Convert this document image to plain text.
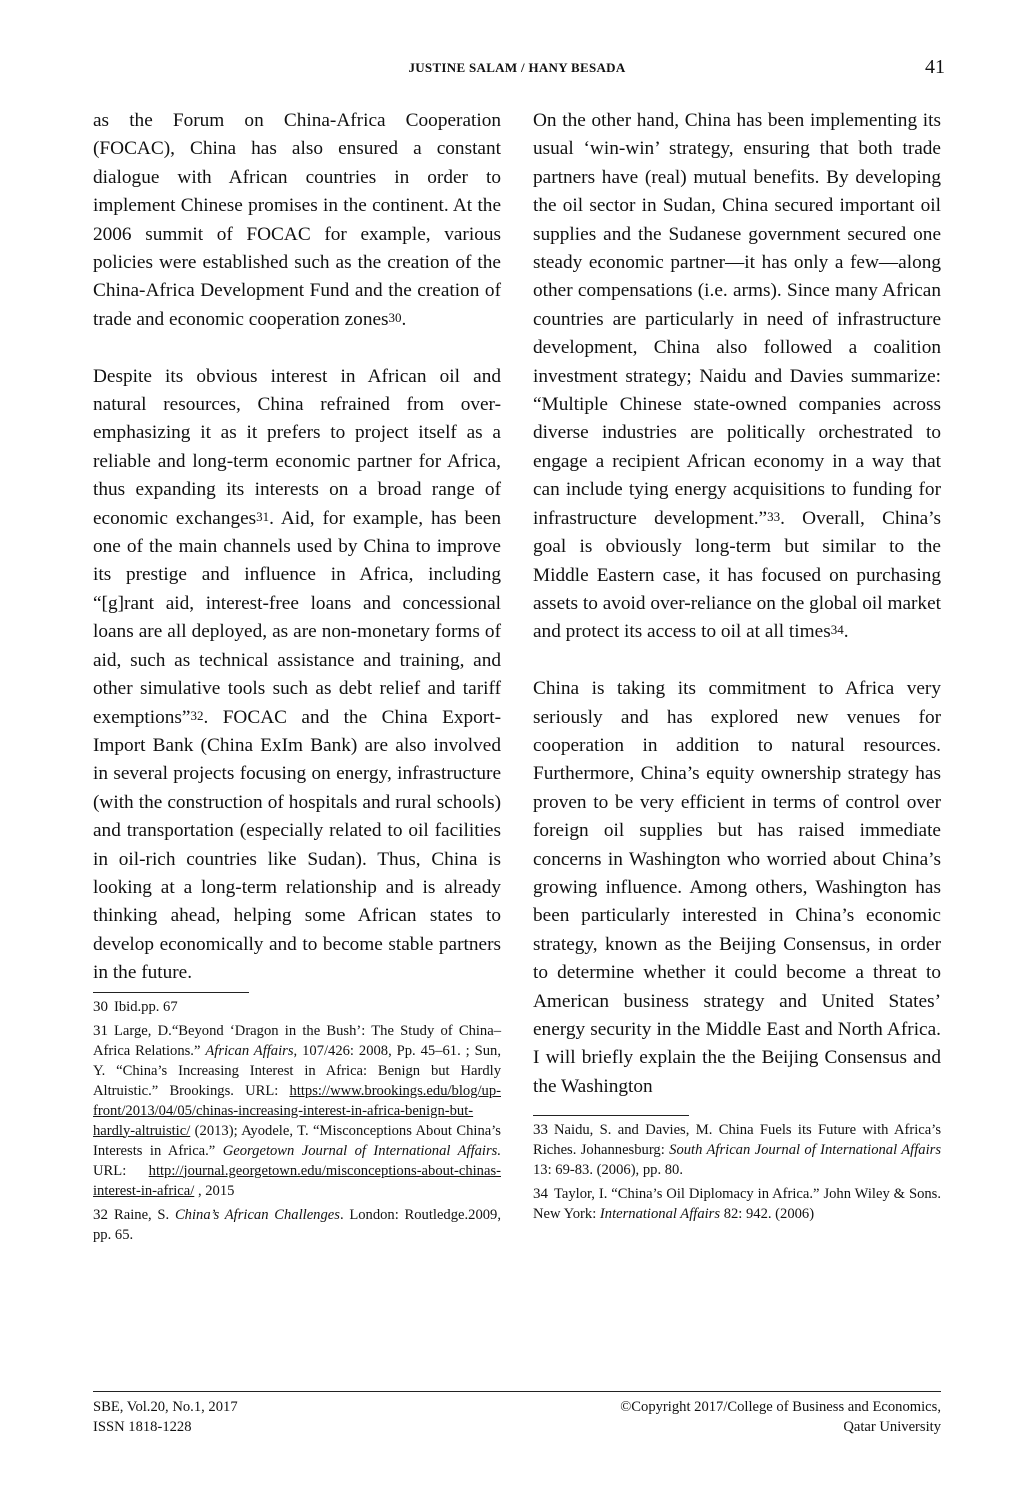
JUSTINE SALAM / HANY BESADA	41

as the Forum on China-Africa Cooperation (FOCAC), China has also ensured a constant dialogue with African countries in order to implement Chinese promises in the continent. At the 2006 summit of FOCAC for example, various policies were established such as the creation of the China-Africa Development Fund and the creation of trade and economic cooperation zones$^{30}$.

Despite its obvious interest in African oil and natural resources, China refrained from over-emphasizing it as it prefers to project itself as a reliable and long-term economic partner for Africa, thus expanding its interests on a broad range of economic exchanges$^{31}$. Aid, for example, has been one of the main channels used by China to improve its prestige and influence in Africa, including “[g]rant aid, interest-free loans and concessional loans are all deployed, as are non-monetary forms of aid, such as technical assistance and training, and other simulative tools such as debt relief and tariff exemptions”$^{32}$. FOCAC and the China Export-Import Bank (China ExIm Bank) are also involved in several projects focusing on energy, infrastructure (with the construction of hospitals and rural schools) and transportation (especially related to oil facilities in oil-rich countries like Sudan). Thus, China is looking at a long-term relationship and is already thinking ahead, helping some African states to develop economically and to become stable partners in the future.

30 Ibid.pp. 67

31 Large, D.“Beyond ‘Dragon in the Bush’: The Study of China–Africa Relations.” African Affairs, 107/426: 2008, Pp. 45–61. ; Sun, Y. “China’s Increasing Interest in Africa: Benign but Hardly Altruistic.” Brookings. URL: https://www.brookings.edu/blog/up-front/2013/04/05/chinas-increasing-interest-in-africa-benign-but-hardly-altruistic/ (2013); Ayodele, T. “Misconceptions About China’s Interests in Africa.” Georgetown Journal of International Affairs. URL: http://journal.georgetown.edu/misconceptions-about-chinas-interest-in-africa/ , 2015

32 Raine, S. China’s African Challenges. London: Routledge.2009, pp. 65.

On the other hand, China has been implementing its usual ‘win-win’ strategy, ensuring that both trade partners have (real) mutual benefits. By developing the oil sector in Sudan, China secured important oil supplies and the Sudanese government secured one steady economic partner—it has only a few—along other compensations (i.e. arms). Since many African countries are particularly in need of infrastructure development, China also followed a coalition investment strategy; Naidu and Davies summarize: “Multiple Chinese state-owned companies across diverse industries are politically orchestrated to engage a recipient African economy in a way that can include tying energy acquisitions to funding for infrastructure development.”$^{33}$. Overall, China’s goal is obviously long-term but similar to the Middle Eastern case, it has focused on purchasing assets to avoid over-reliance on the global oil market and protect its access to oil at all times$^{34}$.

China is taking its commitment to Africa very seriously and has explored new venues for cooperation in addition to natural resources. Furthermore, China’s equity ownership strategy has proven to be very efficient in terms of control over foreign oil supplies but has raised immediate concerns in Washington who worried about China’s growing influence. Among others, Washington has been particularly interested in China’s economic strategy, known as the Beijing Consensus, in order to determine whether it could become a threat to American business strategy and United States’ energy security in the Middle East and North Africa. I will briefly explain the the Beijing Consensus and the Washington

33 Naidu, S. and Davies, M. China Fuels its Future with Africa’s Riches. Johannesburg: South African Journal of International Affairs 13: 69-83. (2006), pp. 80.

34 Taylor, I. “China’s Oil Diplomacy in Africa.” John Wiley & Sons. New York: International Affairs 82: 942. (2006)

SBE, Vol.20, No.1, 2017
ISSN 1818-1228
©Copyright 2017/College of Business and Economics,
Qatar University
